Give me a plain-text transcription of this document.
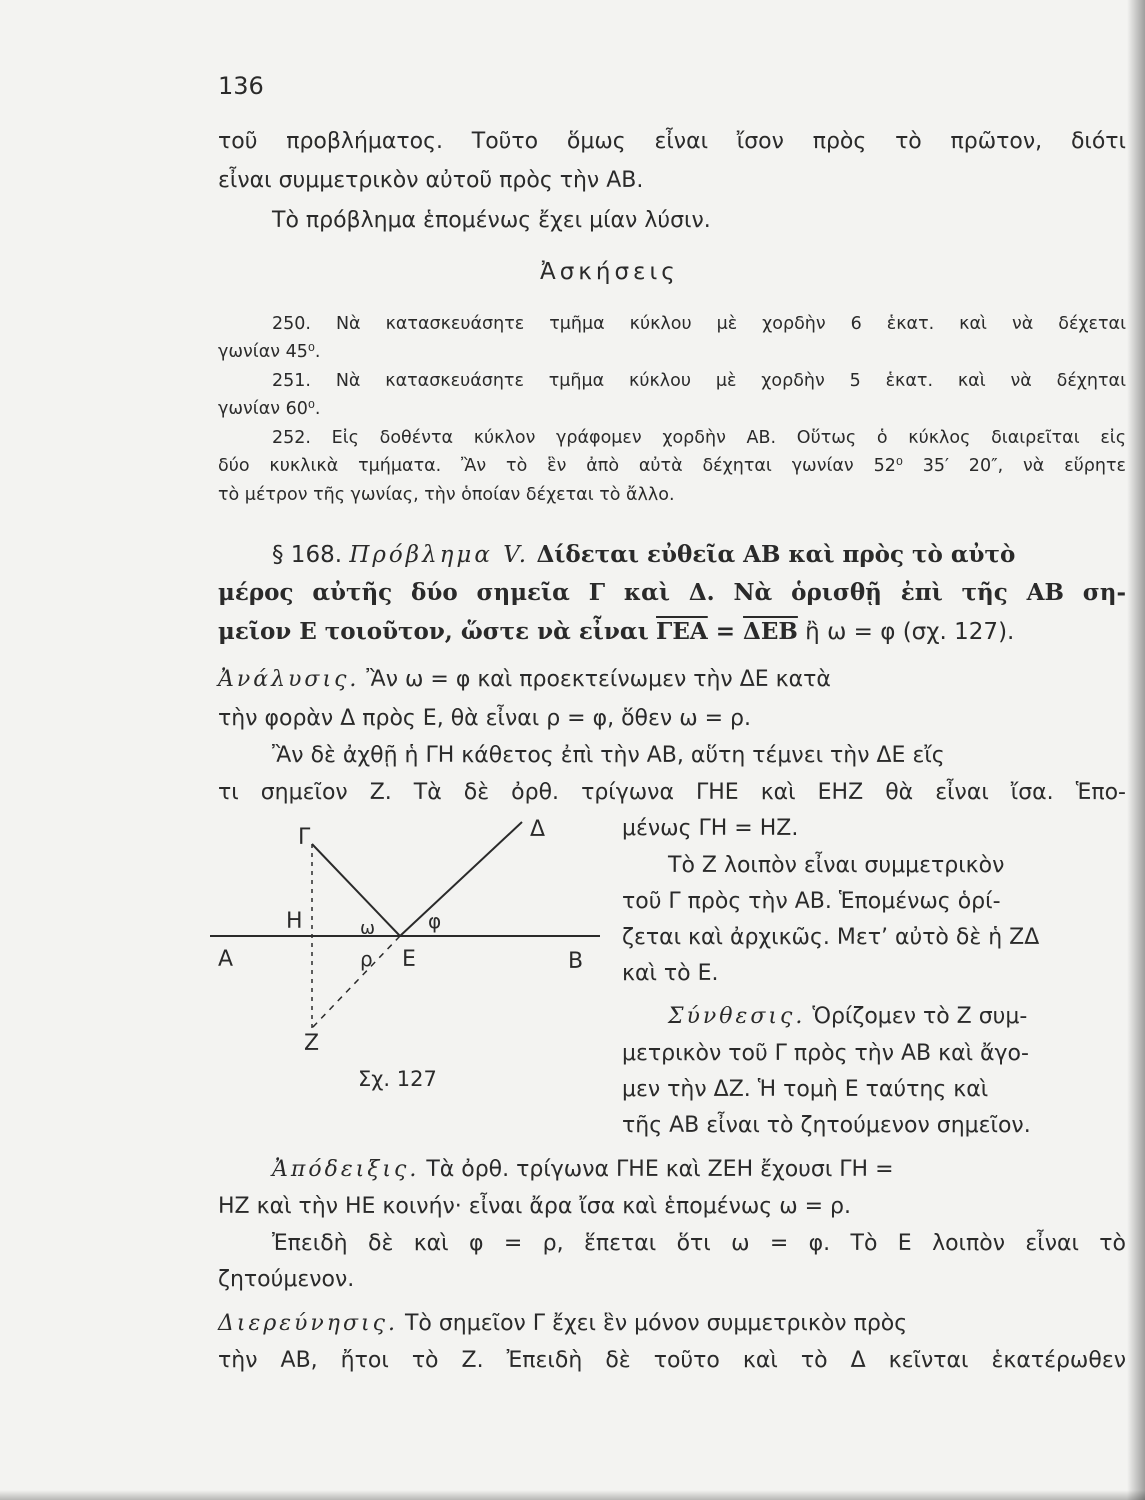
136
τοῦ προβλήματος. Τοῦτο ὅμως εἶναι ἴσον πρὸς τὸ πρῶτον, διότι
εἶναι συμμετρικὸν αὐτοῦ πρὸς τὴν ΑΒ.
Τὸ πρόβλημα ἑπομένως ἔχει μίαν λύσιν.
Ἀσκήσεις
250. Νὰ κατασκευάσητε τμῆμα κύκλου μὲ χορδὴν 6 ἑκατ. καὶ νὰ δέχεται
γωνίαν 45⁰.
251. Νὰ κατασκευάσητε τμῆμα κύκλου μὲ χορδὴν 5 ἑκατ. καὶ νὰ δέχηται
γωνίαν 60⁰.
252. Εἰς δοθέντα κύκλον γράφομεν χορδὴν ΑΒ. Οὕτως ὁ κύκλος διαιρεῖται εἰς
δύο κυκλικὰ τμήματα. Ἂν τὸ ἓν ἀπὸ αὐτὰ δέχηται γωνίαν 52⁰ 35′ 20″, νὰ εὕρητε
τὸ μέτρον τῆς γωνίας, τὴν ὁποίαν δέχεται τὸ ἄλλο.
§ 168. Πρόβλημα V. Δίδεται εὐθεῖα ΑΒ καὶ πρὸς τὸ αὐτὸ
μέρος αὐτῆς δύο σημεῖα Γ καὶ Δ. Νὰ ὁρισθῇ ἐπὶ τῆς ΑΒ ση-
μεῖον Ε τοιοῦτον, ὥστε νὰ εἶναι $\overline{\Gamma EA} = \overline{\Delta EB}$ ἢ ω = φ (σχ. 127).
Ἀνάλυσις. Ἂν ω = φ καὶ προεκτείνωμεν τὴν ΔΕ κατὰ
τὴν φορὰν Δ πρὸς Ε, θὰ εἶναι ρ = φ, ὅθεν ω = ρ.
Ἂν δὲ ἀχθῇ ἡ ΓΗ κάθετος ἐπὶ τὴν ΑΒ, αὕτη τέμνει τὴν ΔΕ εἴς
τι σημεῖον Ζ. Τὰ δὲ ὀρθ. τρίγωνα ΓΗΕ καὶ ΕΗΖ θὰ εἶναι ἴσα. Ἑπο-
μένως ΓΗ = ΗΖ.
Τὸ Ζ λοιπὸν εἶναι συμμετρικὸν
τοῦ Γ πρὸς τὴν ΑΒ. Ἑπομένως ὁρί-
ζεται καὶ ἀρχικῶς. Μετ’ αὐτὸ δὲ ἡ ΖΔ
καὶ τὸ Ε.
Σύνθεσις. Ὁρίζομεν τὸ Ζ συμ-
μετρικὸν τοῦ Γ πρὸς τὴν ΑΒ καὶ ἄγο-
μεν τὴν ΔΖ. Ἡ τομὴ Ε ταύτης καὶ
τῆς ΑΒ εἶναι τὸ ζητούμενον σημεῖον.
Ἀπόδειξις. Τὰ ὀρθ. τρίγωνα ΓΗΕ καὶ ΖΕΗ ἔχουσι ΓΗ =
ΗΖ καὶ τὴν ΗΕ κοινήν· εἶναι ἄρα ἴσα καὶ ἑπομένως ω = ρ.
Ἐπειδὴ δὲ καὶ φ = ρ, ἕπεται ὅτι ω = φ. Τὸ Ε λοιπὸν εἶναι τὸ
ζητούμενον.
Διερεύνησις. Τὸ σημεῖον Γ ἔχει ἓν μόνον συμμετρικὸν πρὸς
τὴν ΑΒ, ἤτοι τὸ Ζ. Ἐπειδὴ δὲ τοῦτο καὶ τὸ Δ κεῖνται ἑκατέρωθεν
Γ	Δ
Η
Α	Β
Ε
ω	φ
ρ
Ζ
Σχ. 127
